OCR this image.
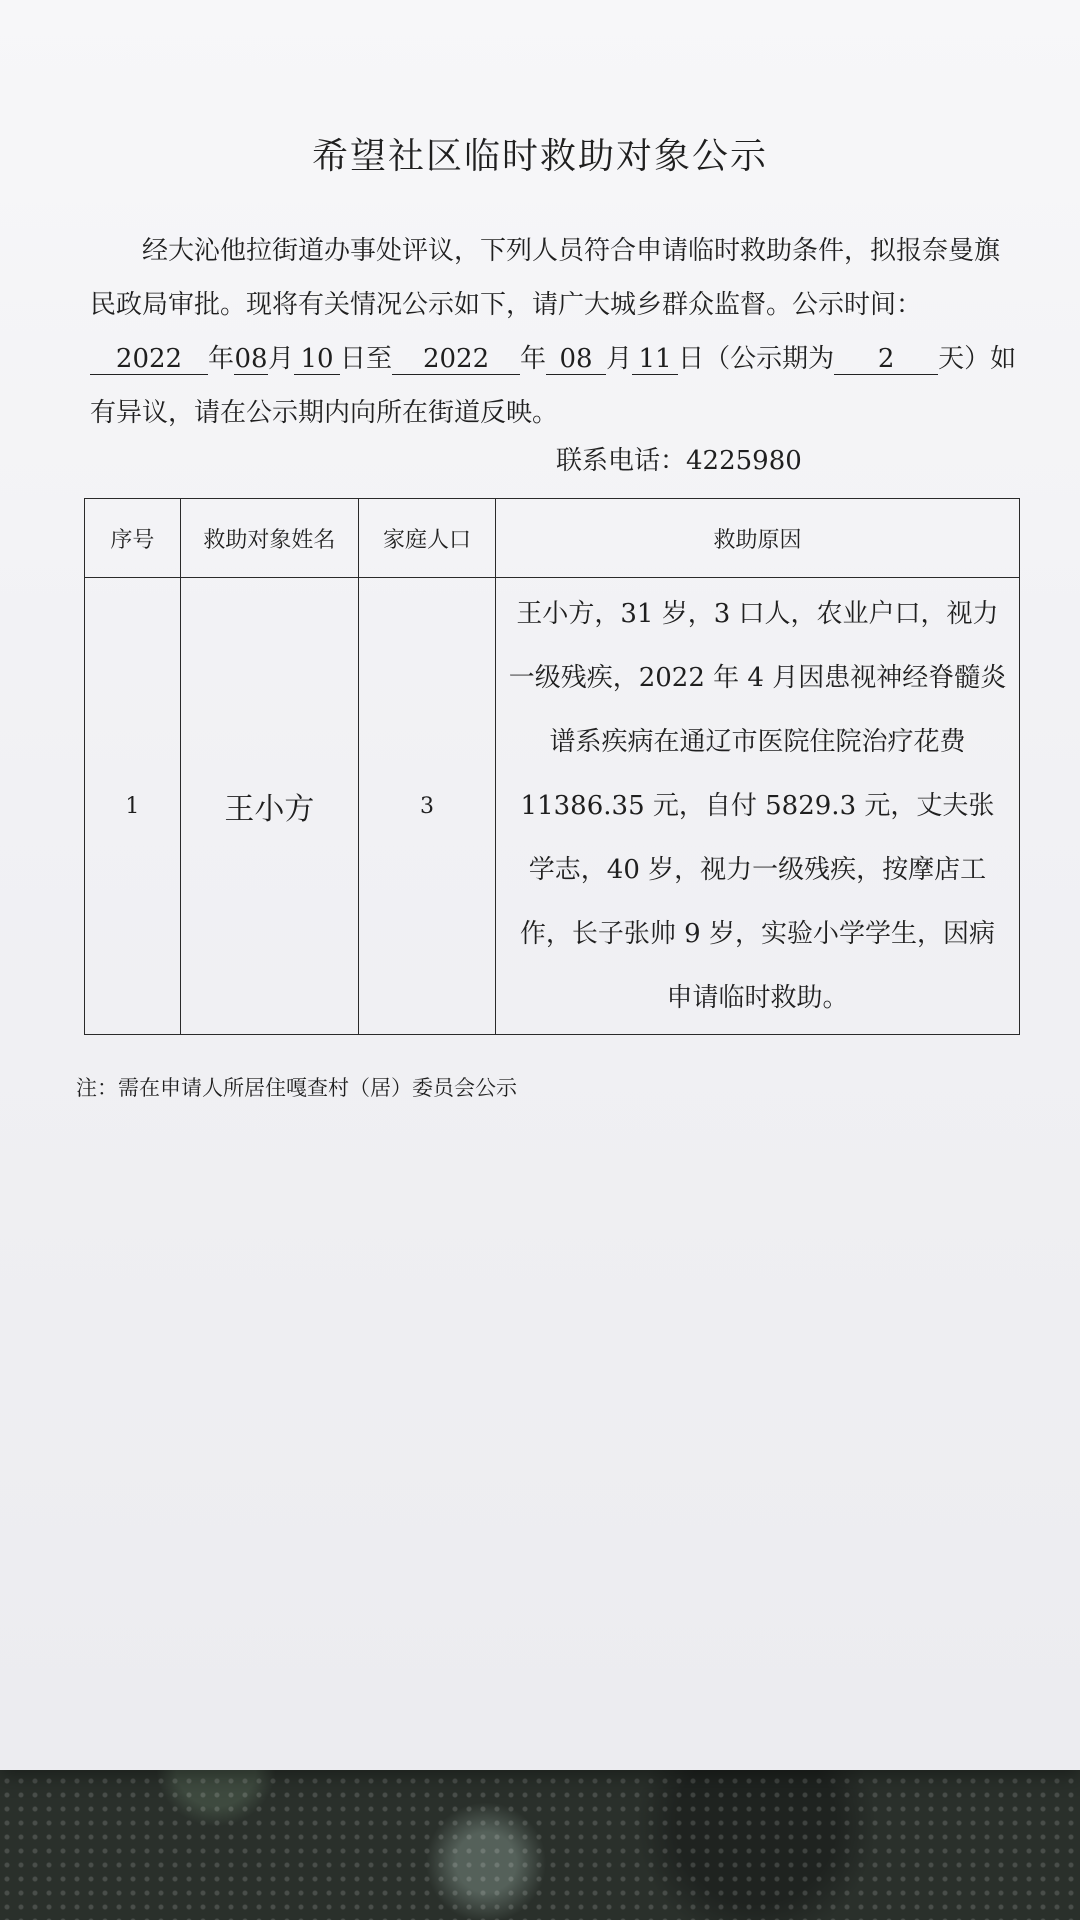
希望社区临时救助对象公示
经大沁他拉街道办事处评议，下列人员符合申请临时救助条件，拟报奈曼旗民政局审批。现将有关情况公示如下，请广大城乡群众监督。公示时间：2022 年08月 10 日至 2022 年 08 月 11 日（公示期为 2 天）如有异议，请在公示期内向所在街道反映。
联系电话：4225980
序号	救助对象姓名	家庭人口	救助原因
1	王小方	3	王小方，31 岁，3 口人，农业户口，视力一级残疾，2022 年 4 月因患视神经脊髓炎谱系疾病在通辽市医院住院治疗花费 11386.35 元，自付 5829.3 元，丈夫张学志，40 岁，视力一级残疾，按摩店工作，长子张帅 9 岁，实验小学学生，因病申请临时救助。
注：需在申请人所居住嘎查村（居）委员会公示
